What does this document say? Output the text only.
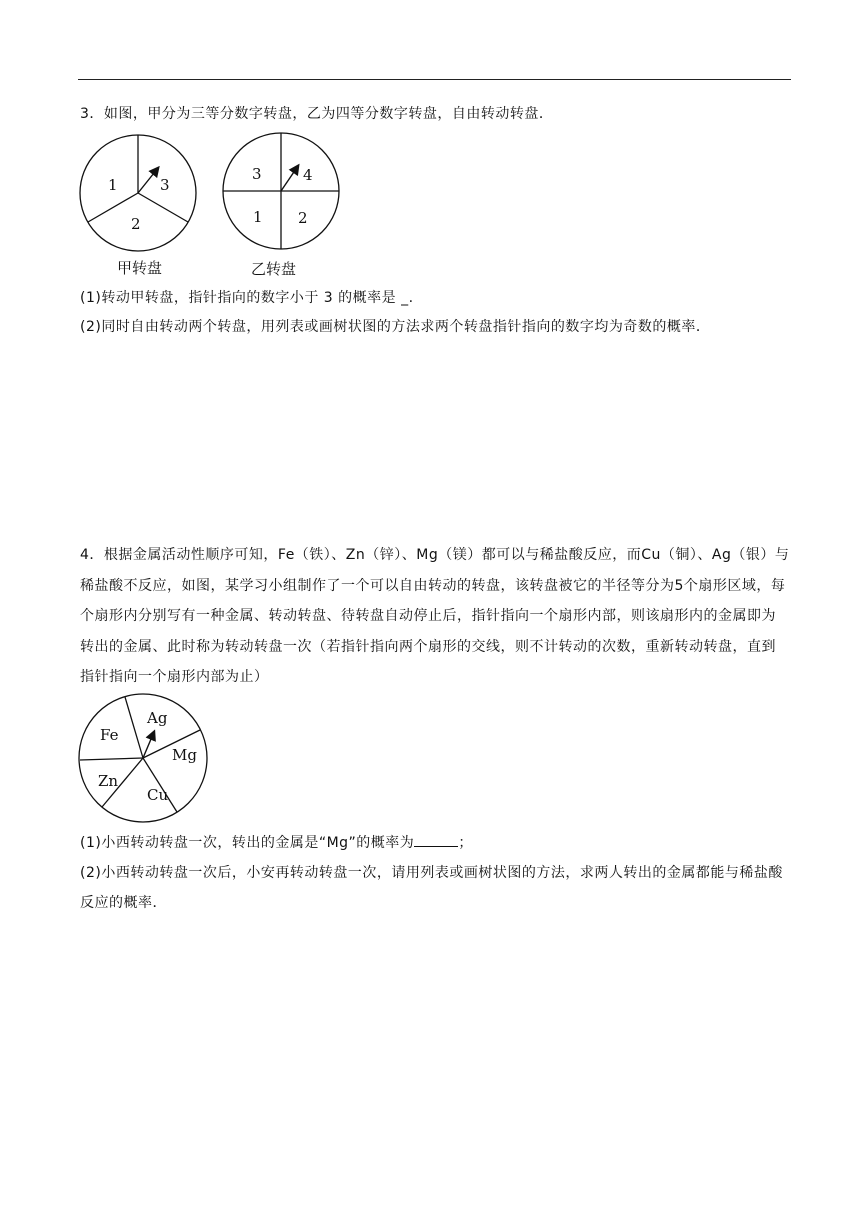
3．如图，甲分为三等分数字转盘，乙为四等分数字转盘，自由转动转盘．
1	3
2
甲转盘
3	4
1 2
乙转盘
Fe
Ag
Mg
Cu
Zn
(1)转动甲转盘，指针指向的数字小于 3 的概率是 _.
(2)同时自由转动两个转盘，用列表或画树状图的方法求两个转盘指针指向的数字均为奇数的概率．
4．根据金属活动性顺序可知，Fe（铁）、Zn（锌）、Mg（镁）都可以与稀盐酸反应，而Cu（铜）、Ag（银）与稀盐酸不反应，如图，某学习小组制作了一个可以自由转动的转盘，该转盘被它的半径等分为5个扇形区域，每个扇形内分别写有一种金属、转动转盘、待转盘自动停止后，指针指向一个扇形内部，则该扇形内的金属即为转出的金属、此时称为转动转盘一次（若指针指向两个扇形的交线，则不计转动的次数，重新转动转盘，直到指针指向一个扇形内部为止）
(1)小西转动转盘一次，转出的金属是“Mg”的概率为	；
(2)小西转动转盘一次后，小安再转动转盘一次，请用列表或画树状图的方法，求两人转出的金属都能与稀盐酸反应的概率．
